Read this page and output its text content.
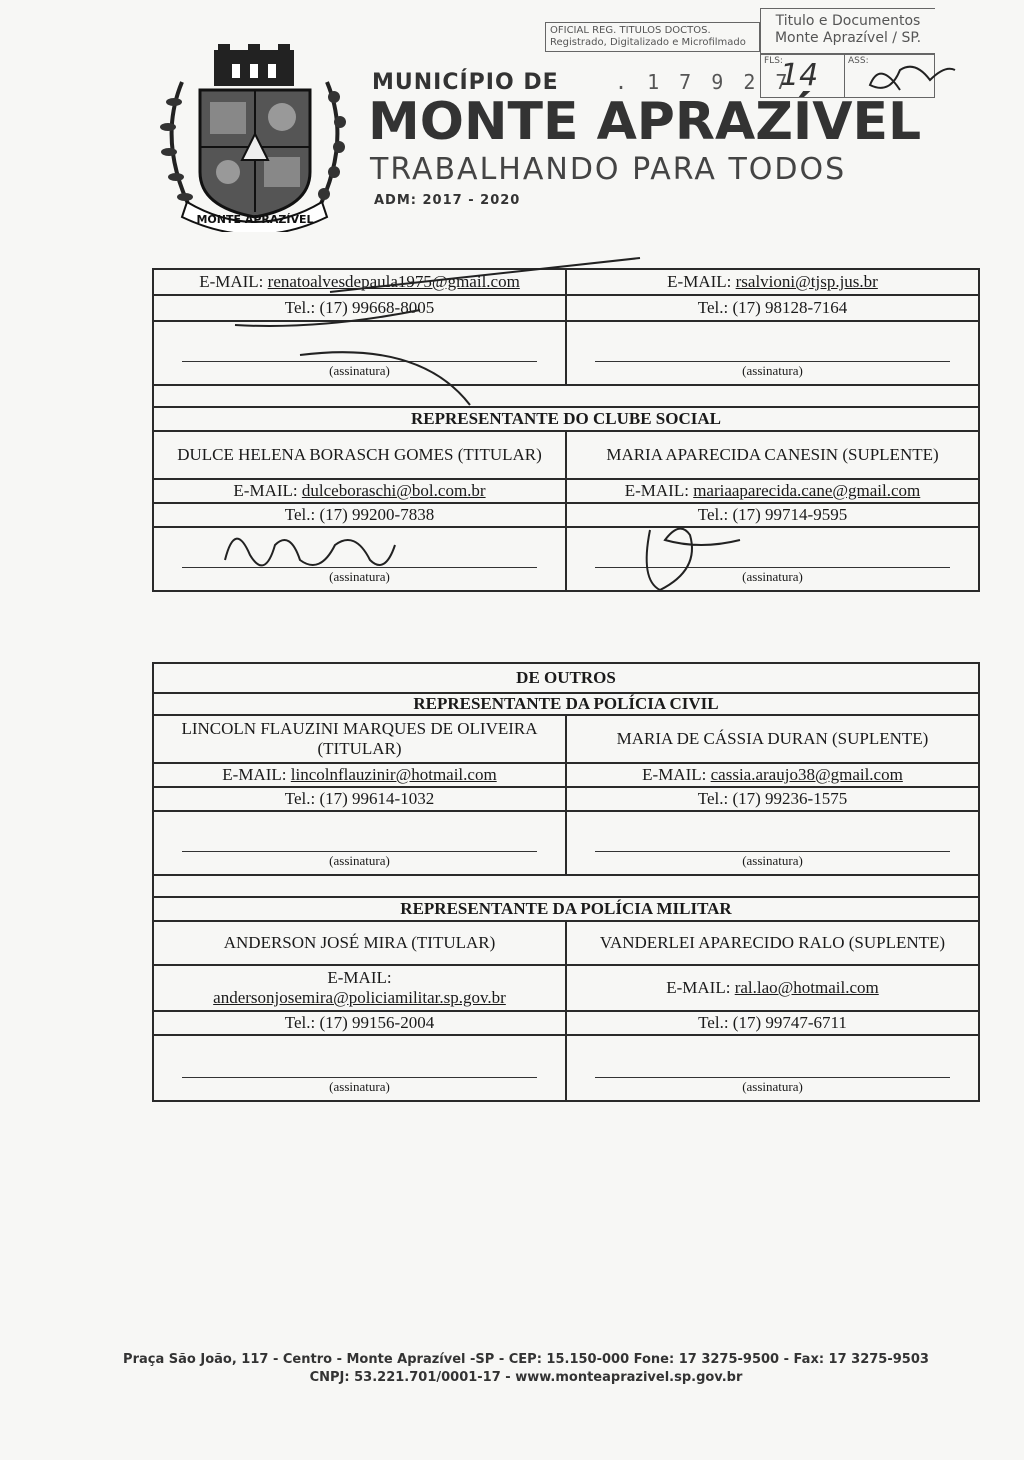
MONTE APRAZÍVEL
MUNICÍPIO DE	. 1 7 9 2 7
MONTE APRAZÍVEL
TRABALHANDO PARA TODOS
ADM: 2017 - 2020
OFICIAL REG. TITULOS DOCTOS.
Registrado, Digitalizado e Microfilmado
Titulo e Documentos
Monte Aprazível / SP.
FLS:	ASS:
14
E-MAIL: renatoalvesdepaula1975@gmail.com	E-MAIL: rsalvioni@tjsp.jus.br
Tel.: (17) 99668-8005	Tel.: (17) 98128-7164

(assinatura)	(assinatura)

REPRESENTANTE DO CLUBE SOCIAL	
DULCE HELENA BORASCH GOMES (TITULAR)	MARIA APARECIDA CANESIN (SUPLENTE)
E-MAIL: dulceboraschi@bol.com.br	E-MAIL: mariaaparecida.cane@gmail.com
Tel.: (17) 99200-7838	Tel.: (17) 99714-9595

(assinatura)	(assinatura)
DE OUTROS	
REPRESENTANTE DA POLÍCIA CIVIL	
LINCOLN FLAUZINI MARQUES DE OLIVEIRA (TITULAR)	MARIA DE CÁSSIA DURAN (SUPLENTE)
E-MAIL: lincolnflauzinir@hotmail.com	E-MAIL: cassia.araujo38@gmail.com
Tel.: (17) 99614-1032	Tel.: (17) 99236-1575

(assinatura)	(assinatura)

REPRESENTANTE DA POLÍCIA MILITAR	
ANDERSON JOSÉ MIRA (TITULAR)	VANDERLEI APARECIDO RALO (SUPLENTE)
E-MAIL:
andersonjosemira@policiamilitar.sp.gov.br	E-MAIL: ral.lao@hotmail.com
Tel.: (17) 99156-2004	Tel.: (17) 99747-6711

(assinatura)	(assinatura)
Praça São João, 117 - Centro - Monte Aprazível -SP - CEP: 15.150-000 Fone: 17 3275-9500 - Fax: 17 3275-9503
CNPJ: 53.221.701/0001-17 - www.monteaprazivel.sp.gov.br
